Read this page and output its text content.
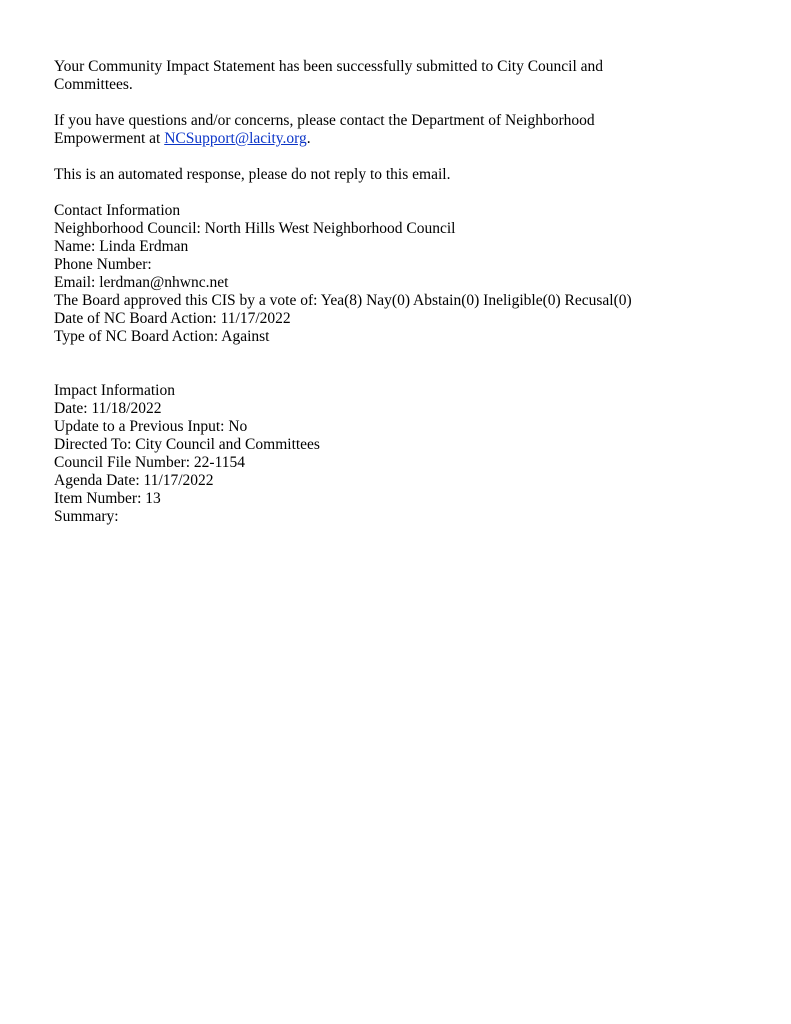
Your Community Impact Statement has been successfully submitted to City Council and
Committees.
If you have questions and/or concerns, please contact the Department of Neighborhood
Empowerment at NCSupport@lacity.org.
This is an automated response, please do not reply to this email.
Contact Information
Neighborhood Council: North Hills West Neighborhood Council
Name: Linda Erdman
Phone Number:
Email: lerdman@nhwnc.net
The Board approved this CIS by a vote of: Yea(8) Nay(0) Abstain(0) Ineligible(0) Recusal(0)
Date of NC Board Action: 11/17/2022
Type of NC Board Action: Against
Impact Information
Date: 11/18/2022
Update to a Previous Input: No
Directed To: City Council and Committees
Council File Number: 22-1154
Agenda Date: 11/17/2022
Item Number: 13
Summary:
